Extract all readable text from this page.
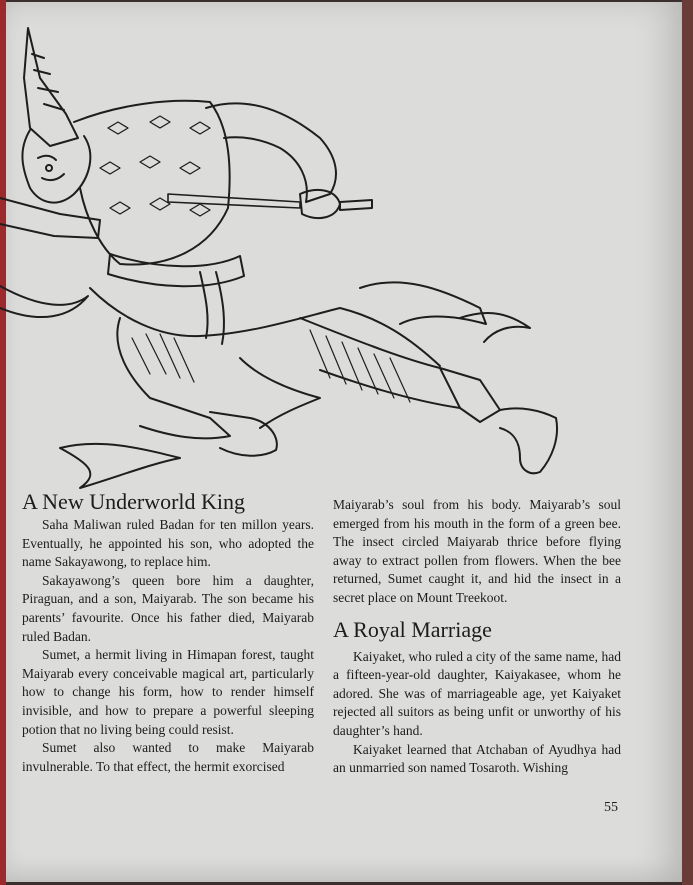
A New Underworld King

Saha Maliwan ruled Badan for ten millon years. Eventually, he appointed his son, who adopted the name Sakayawong, to replace him.

Sakayawong’s queen bore him a daughter, Piraguan, and a son, Maiyarab. The son became his parents’ favourite. Once his father died, Maiyarab ruled Badan.

Sumet, a hermit living in Himapan forest, taught Maiyarab every conceivable magical art, particularly how to change his form, how to render himself invisible, and how to prepare a powerful sleeping potion that no living being could resist.

Sumet also wanted to make Maiyarab invulnerable. To that effect, the hermit exorcised

Maiyarab’s soul from his body. Maiyarab’s soul emerged from his mouth in the form of a green bee. The insect circled Maiyarab thrice before flying away to extract pollen from flowers. When the bee returned, Sumet caught it, and hid the insect in a secret place on Mount Treekoot.

A Royal Marriage

Kaiyaket, who ruled a city of the same name, had a fifteen-year-old daughter, Kaiyakasee, whom he adored. She was of marriageable age, yet Kaiyaket rejected all suitors as being unfit or unworthy of his daughter’s hand.

Kaiyaket learned that Atchaban of Ayudhya had an unmarried son named Tosaroth. Wishing

55
